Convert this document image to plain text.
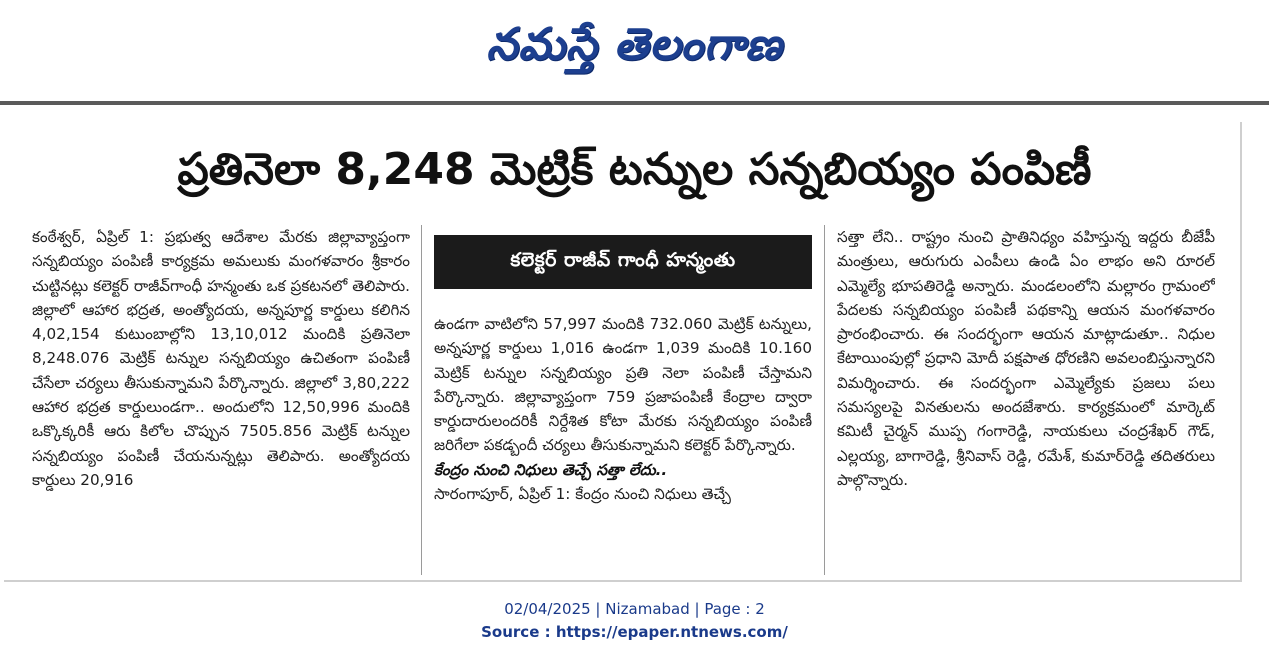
నమస్తే తెలంగాణ
ప్రతినెలా 8,248 మెట్రిక్ టన్నుల సన్నబియ్యం పంపిణీ
కంఠేశ్వర్, ఏప్రిల్ 1: ప్రభుత్వ ఆదేశాల మేరకు జిల్లావ్యాప్తంగా సన్నబియ్యం పంపిణీ కార్యక్రమ అమలుకు మంగళవారం శ్రీకారం చుట్టినట్లు కలెక్టర్ రాజీవ్‌గాంధీ హన్మంతు ఒక ప్రకటనలో తెలిపారు. జిల్లాలో ఆహార భద్రత, అంత్యోదయ, అన్నపూర్ణ కార్డులు కలిగిన 4,02,154 కుటుంబాల్లోని 13,10,012 మందికి ప్రతినెలా 8,248.076 మెట్రిక్ టన్నుల సన్నబియ్యం ఉచితంగా పంపిణీ చేసేలా చర్యలు తీసుకున్నామని పేర్కొన్నారు. జిల్లాలో 3,80,222 ఆహార భద్రత కార్డులుండగా.. అందులోని 12,50,996 మందికి ఒక్కొక్కరికీ ఆరు కిలోల చొప్పున 7505.856 మెట్రిక్ టన్నుల సన్నబియ్యం పంపిణీ చేయనున్నట్లు తెలిపారు. అంత్యోదయ కార్డులు 20,916
కలెక్టర్ రాజీవ్ గాంధీ హన్మంతు
ఉండగా వాటిలోని 57,997 మందికి 732.060 మెట్రిక్ టన్నులు, అన్నపూర్ణ కార్డులు 1,016 ఉండగా 1,039 మందికి 10.160 మెట్రిక్ టన్నుల సన్నబియ్యం ప్రతి నెలా పంపిణీ చేస్తామని పేర్కొన్నారు. జిల్లావ్యాప్తంగా 759 ప్రజాపంపిణీ కేంద్రాల ద్వారా కార్డుదారులందరికీ నిర్దేశిత కోటా మేరకు సన్నబియ్యం పంపిణీ జరిగేలా పకడ్బందీ చర్యలు తీసుకున్నామని కలెక్టర్ పేర్కొన్నారు.
కేంద్రం నుంచి నిధులు తెచ్చే సత్తా లేదు..
సారంగాపూర్, ఏప్రిల్ 1: కేంద్రం నుంచి నిధులు తెచ్చే
సత్తా లేని.. రాష్ట్రం నుంచి ప్రాతినిధ్యం వహిస్తున్న ఇద్దరు బీజేపీ మంత్రులు, ఆరుగురు ఎంపీలు ఉండి ఏం లాభం అని రూరల్ ఎమ్మెల్యే భూపతిరెడ్డి అన్నారు. మండలంలోని మల్లారం గ్రామంలో పేదలకు సన్నబియ్యం పంపిణీ పథకాన్ని ఆయన మంగళవారం ప్రారంభించారు. ఈ సందర్భంగా ఆయన మాట్లాడుతూ.. నిధుల కేటాయింపుల్లో ప్రధాని మోదీ పక్షపాత ధోరణిని అవలంబిస్తున్నారని విమర్శించారు. ఈ సందర్భంగా ఎమ్మెల్యేకు ప్రజలు పలు సమస్యలపై వినతులను అందజేశారు. కార్యక్రమంలో మార్కెట్ కమిటీ చైర్మన్ ముప్ప గంగారెడ్డి, నాయకులు చంద్రశేఖర్ గౌడ్, ఎల్లయ్య, బాగారెడ్డి, శ్రీనివాస్ రెడ్డి, రమేశ్, కుమార్‌రెడ్డి తదితరులు పాల్గొన్నారు.
02/04/2025 | Nizamabad | Page : 2
Source : https://epaper.ntnews.com/
